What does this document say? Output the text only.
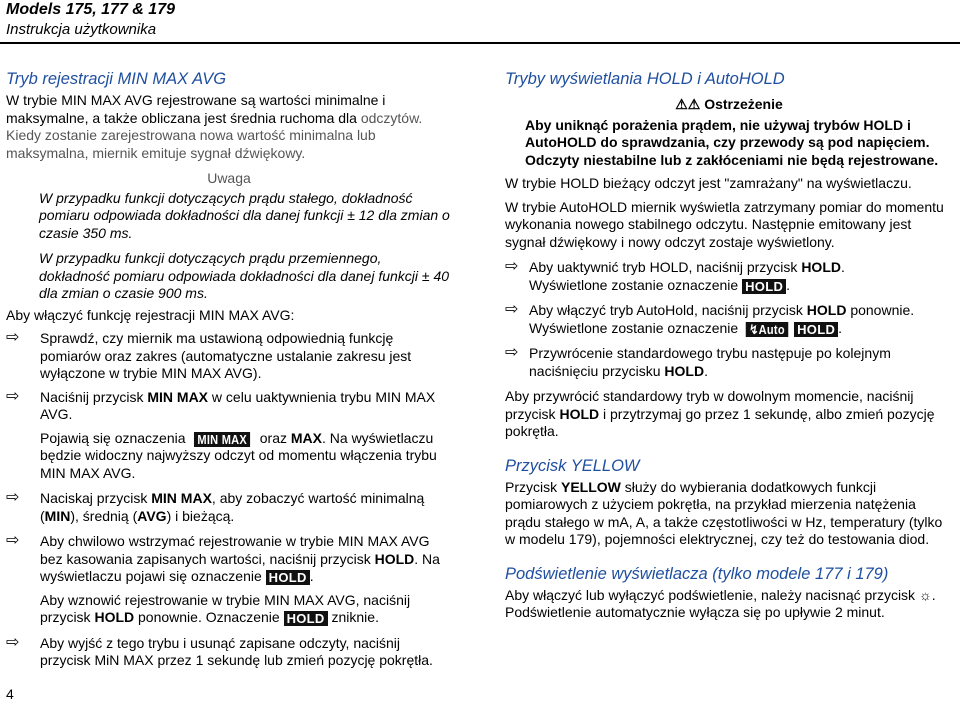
Models 175, 177 & 179
Instrukcja użytkownika
Tryb rejestracji MIN MAX AVG

W trybie MIN MAX AVG rejestrowane są wartości minimalne i maksymalne, a także obliczana jest średnia ruchoma dla odczytów. Kiedy zostanie zarejestrowana nowa wartość minimalna lub maksymalna, miernik emituje sygnał dźwiękowy.

Uwaga

W przypadku funkcji dotyczących prądu stałego, dokładność pomiaru odpowiada dokładności dla danej funkcji ± 12 dla zmian o czasie 350 ms.

W przypadku funkcji dotyczących prądu przemiennego, dokładność pomiaru odpowiada dokładności dla danej funkcji ± 40 dla zmian o czasie 900 ms.

Aby włączyć funkcję rejestracji MIN MAX AVG:

⇨	Sprawdź, czy miernik ma ustawioną odpowiednią funkcję pomiarów oraz zakres (automatyczne ustalanie zakresu jest wyłączone w trybie MIN MAX AVG).
⇨	Naciśnij przycisk MIN MAX w celu uaktywnienia trybu MIN MAX AVG.

Pojawią się oznaczenia MIN MAX oraz MAX. Na wyświetlaczu będzie widoczny najwyższy odczyt od momentu włączenia trybu MIN MAX AVG.

⇨	Naciskaj przycisk MIN MAX, aby zobaczyć wartość minimalną (MIN), średnią (AVG) i bieżącą.
⇨	Aby chwilowo wstrzymać rejestrowanie w trybie MIN MAX AVG bez kasowania zapisanych wartości, naciśnij przycisk HOLD. Na wyświetlaczu pojawi się oznaczenie HOLD .

Aby wznowić rejestrowanie w trybie MIN MAX AVG, naciśnij przycisk HOLD ponownie. Oznaczenie HOLD zniknie.

⇨	Aby wyjść z tego trybu i usunąć zapisane odczyty, naciśnij przycisk MiN MAX przez 1 sekundę lub zmień pozycję pokrętła.
Tryby wyświetlania HOLD i AutoHOLD
⚠⚠ Ostrzeżenie

Aby uniknąć porażenia prądem, nie używaj trybów HOLD i AutoHOLD do sprawdzania, czy przewody są pod napięciem. Odczyty niestabilne lub z zakłóceniami nie będą rejestrowane.

W trybie HOLD bieżący odczyt jest "zamrażany" na wyświetlaczu.

W trybie AutoHOLD miernik wyświetla zatrzymany pomiar do momentu wykonania nowego stabilnego odczytu. Następnie emitowany jest sygnał dźwiękowy i nowy odczyt zostaje wyświetlony.

⇨ Aby uaktywnić tryb HOLD, naciśnij przycisk HOLD.
Wyświetlone zostanie oznaczenie HOLD .
⇨ Aby włączyć tryb AutoHold, naciśnij przycisk HOLD ponownie.
Wyświetlone zostanie oznaczenie ↯Auto HOLD .
⇨ Przywrócenie standardowego trybu następuje po kolejnym naciśnięciu przycisku HOLD.

Aby przywrócić standardowy tryb w dowolnym momencie, naciśnij przycisk HOLD i przytrzymaj go przez 1 sekundę, albo zmień pozycję pokrętła.

Przycisk YELLOW

Przycisk YELLOW służy do wybierania dodatkowych funkcji pomiarowych z użyciem pokrętła, na przykład mierzenia natężenia prądu stałego w mA, A, a także częstotliwości w Hz, temperatury (tylko w modelu 179), pojemności elektrycznej, czy też do testowania diod.

Podświetlenie wyświetlacza (tylko modele 177 i 179)

Aby włączyć lub wyłączyć podświetlenie, należy nacisnąć przycisk ☼. Podświetlenie automatycznie wyłącza się po upływie 2 minut.

4
